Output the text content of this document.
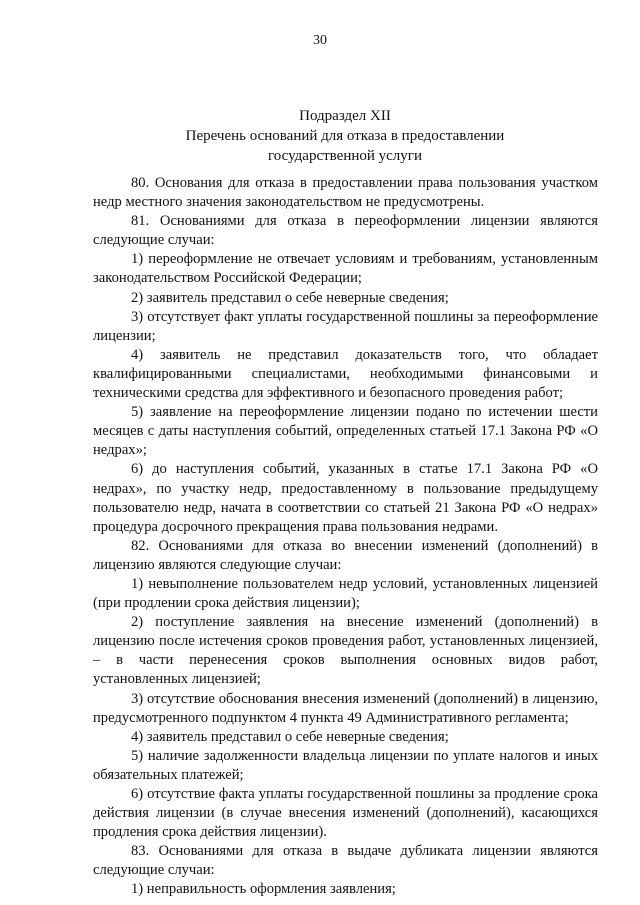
30
Подраздел XII
Перечень оснований для отказа в предоставлении
государственной услуги

80. Основания для отказа в предоставлении права пользования участком недр местного значения законодательством не предусмотрены.

81. Основаниями для отказа в переоформлении лицензии являются следующие случаи:

1) переоформление не отвечает условиям и требованиям, установленным законодательством Российской Федерации;

2) заявитель представил о себе неверные сведения;

3) отсутствует факт уплаты государственной пошлины за переоформление лицензии;

4) заявитель не представил доказательств того, что обладает квалифицированными специалистами, необходимыми финансовыми и техническими средства для эффективного и безопасного проведения работ;

5) заявление на переоформление лицензии подано по истечении шести месяцев с даты наступления событий, определенных статьей 17.1 Закона РФ «О недрах»;

6) до наступления событий, указанных в статье 17.1 Закона РФ «О недрах», по участку недр, предоставленному в пользование предыдущему пользователю недр, начата в соответствии со статьей 21 Закона РФ «О недрах» процедура досрочного прекращения права пользования недрами.

82. Основаниями для отказа во внесении изменений (дополнений) в лицензию являются следующие случаи:

1) невыполнение пользователем недр условий, установленных лицензией (при продлении срока действия лицензии);

2) поступление заявления на внесение изменений (дополнений) в лицензию после истечения сроков проведения работ, установленных лицензией, – в части перенесения сроков выполнения основных видов работ, установленных лицензией;

3) отсутствие обоснования внесения изменений (дополнений) в лицензию, предусмотренного подпунктом 4 пункта 49 Административного регламента;

4) заявитель представил о себе неверные сведения;

5) наличие задолженности владельца лицензии по уплате налогов и иных обязательных платежей;

6) отсутствие факта уплаты государственной пошлины за продление срока действия лицензии (в случае внесения изменений (дополнений), касающихся продления срока действия лицензии).

83. Основаниями для отказа в выдаче дубликата лицензии являются следующие случаи:

1) неправильность оформления заявления;
